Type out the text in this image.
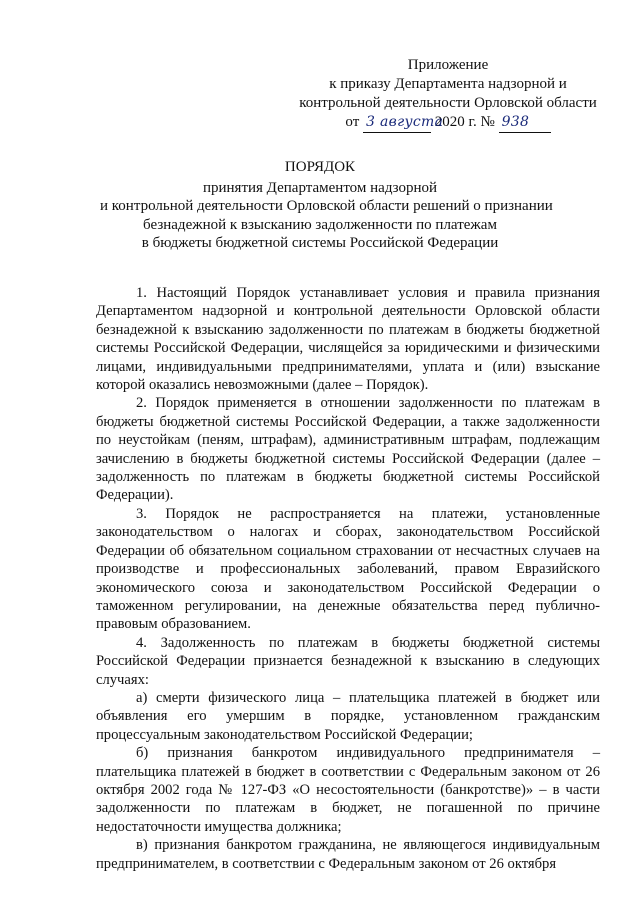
Приложение
к приказу Департамента надзорной и
контрольной деятельности Орловской области
от 3 августа 2020 г. № 938
ПОРЯДОК
принятия Департаментом надзорной
и контрольной деятельности Орловской области решений о признании
безнадежной к взысканию задолженности по платежам
в бюджеты бюджетной системы Российской Федерации

1. Настоящий Порядок устанавливает условия и правила признания Департаментом надзорной и контрольной деятельности Орловской области безнадежной к взысканию задолженности по платежам в бюджеты бюджетной системы Российской Федерации, числящейся за юридическими и физическими лицами, индивидуальными предпринимателями, уплата и (или) взыскание которой оказались невозможными (далее – Порядок).

2. Порядок применяется в отношении задолженности по платежам в бюджеты бюджетной системы Российской Федерации, а также задолженности по неустойкам (пеням, штрафам), административным штрафам, подлежащим зачислению в бюджеты бюджетной системы Российской Федерации (далее – задолженность по платежам в бюджеты бюджетной системы Российской Федерации).

3. Порядок не распространяется на платежи, установленные законодательством о налогах и сборах, законодательством Российской Федерации об обязательном социальном страховании от несчастных случаев на производстве и профессиональных заболеваний, правом Евразийского экономического союза и законодательством Российской Федерации о таможенном регулировании, на денежные обязательства перед публично-правовым образованием.

4. Задолженность по платежам в бюджеты бюджетной системы Российской Федерации признается безнадежной к взысканию в следующих случаях:

а) смерти физического лица – плательщика платежей в бюджет или объявления его умершим в порядке, установленном гражданским процессуальным законодательством Российской Федерации;

б) признания банкротом индивидуального предпринимателя – плательщика платежей в бюджет в соответствии с Федеральным законом от 26 октября 2002 года № 127-ФЗ «О несостоятельности (банкротстве)» – в части задолженности по платежам в бюджет, не погашенной по причине недостаточности имущества должника;

в) признания банкротом гражданина, не являющегося индивидуальным предпринимателем, в соответствии с Федеральным законом от 26 октября
